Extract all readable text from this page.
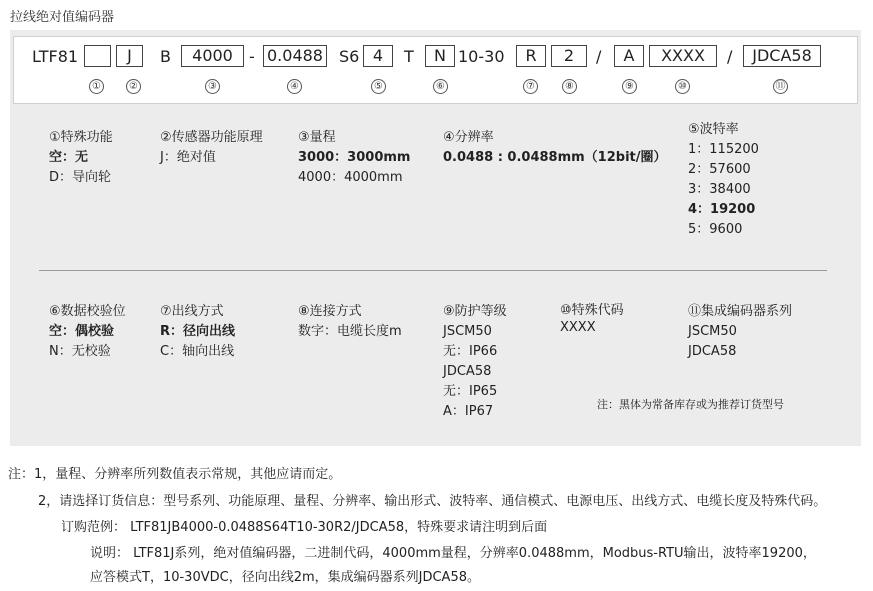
拉线绝对值编码器
LTF81	J	B	4000	- 0.0488 S6 4	T	N 10-30	R	2	/	A	XXXX	/	JDCA58
①	②	③	④	⑤	⑥	⑦	⑧	⑨	⑩	⑪
①特殊功能
空：无
D：导向轮
②传感器功能原理
J：绝对值
③量程
3000：3000mm
4000：4000mm
④分辨率
0.0488 : 0.0488mm（12bit/圈）
⑤波特率
1：115200
2：57600
3：38400
4：19200
5：9600
⑥数据校验位
空：偶校验
N：无校验
⑦出线方式
R：径向出线
C：轴向出线
⑧连接方式
数字：电缆长度m
⑨防护等级
JSCM50
无：IP66
JDCA58
无：IP65
A：IP67
⑩特殊代码
XXXX
⑪集成编码器系列
JSCM50
JDCA58
注：黑体为常备库存或为推荐订货型号
注：1，量程、分辨率所列数值表示常规，其他应请而定。
2，请选择订货信息：型号系列、功能原理、量程、分辨率、输出形式、波特率、通信模式、电源电压、出线方式、电缆长度及特殊代码。
订购范例： LTF81JB4000-0.0488S64T10-30R2/JDCA58，特殊要求请注明到后面
说明： LTF81J系列，绝对值编码器，二进制代码，4000mm量程，分辨率0.0488mm，Modbus-RTU输出，波特率19200，
应答模式T，10-30VDC，径向出线2m，集成编码器系列JDCA58。
